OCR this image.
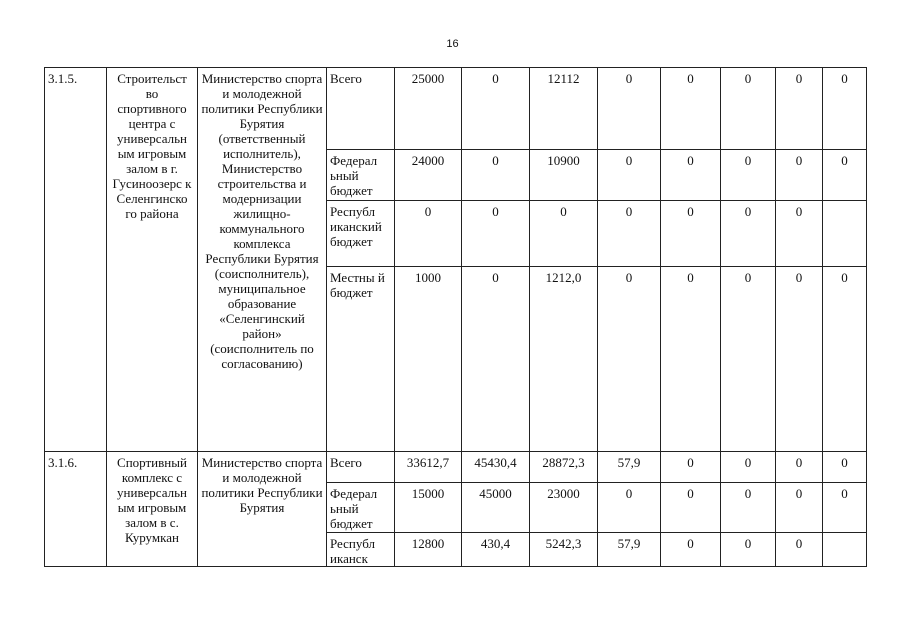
16
3.1.5.	Строительст во спортивного центра с универсальн ым игровым залом в г. Гусиноозерс к Селенгинско го района	Министерство спорта и молодежной политики Республики Бурятия (ответственный исполнитель), Министерство строительства и модернизации жилищно-коммунального комплекса Республики Бурятия (соисполнитель), муниципальное образование «Селенгинский район» (соисполнитель по согласованию)	Всего	25000	0	12112	0	0	0	0	0
			Федерал ьный бюджет	24000	0	10900	0	0	0	0	0
			Республ иканский бюджет	0	0	0	0	0	0	0	
			Местны й бюджет	1000	0	1212,0	0	0	0	0	0
3.1.6.	Спортивный комплекс с универсальн ым игровым залом в с. Курумкан	Министерство спорта и молодежной политики Республики Бурятия	Всего	33612,7	45430,4	28872,3	57,9	0	0	0	0
			Федерал ьный бюджет	15000	45000	23000	0	0	0	0	0
			Республ иканск	12800	430,4	5242,3	57,9	0	0	0	
